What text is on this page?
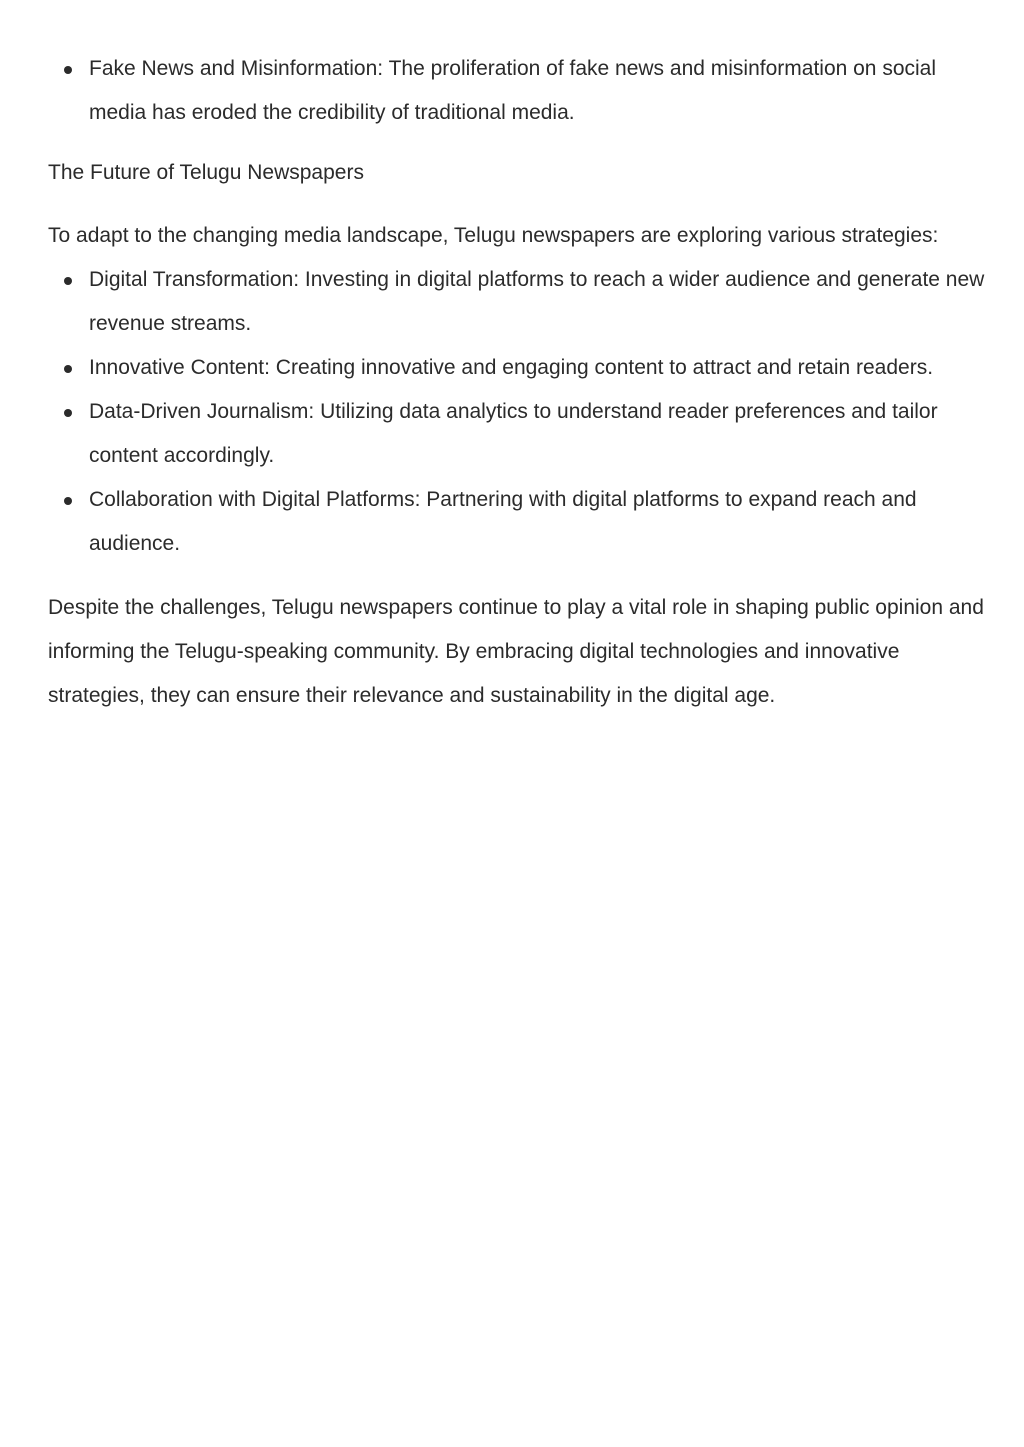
Fake News and Misinformation: The proliferation of fake news and misinformation on social media has eroded the credibility of traditional media.

The Future of Telugu Newspapers

To adapt to the changing media landscape, Telugu newspapers are exploring various strategies:

Digital Transformation: Investing in digital platforms to reach a wider audience and generate new revenue streams.
Innovative Content: Creating innovative and engaging content to attract and retain readers.
Data-Driven Journalism: Utilizing data analytics to understand reader preferences and tailor content accordingly.
Collaboration with Digital Platforms: Partnering with digital platforms to expand reach and audience.

Despite the challenges, Telugu newspapers continue to play a vital role in shaping public opinion and informing the Telugu-speaking community. By embracing digital technologies and innovative strategies, they can ensure their relevance and sustainability in the digital age.
